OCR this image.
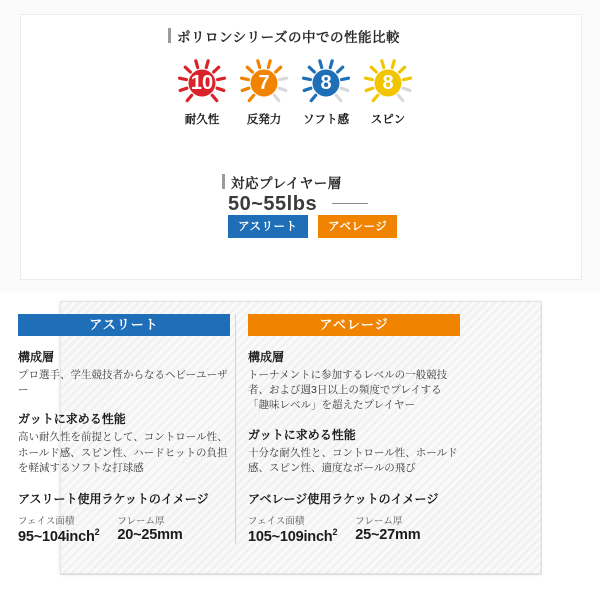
ポリロンシリーズの中での性能比較
10
耐久性
7
反発力
8
ソフト感
8
スピン
対応プレイヤー層
50~55lbs
アスリート	アベレージ
アスリート
構成層

プロ選手、学生競技者からなるヘビーユーザー

ガットに求める性能

高い耐久性を前提として、コントロール性、ホールド感、スピン性、ハードヒットの負担を軽減するソフトな打球感

アスリート使用ラケットのイメージ
フェイス面積
95~104inch$^2$
フレーム厚
20~25mm
アベレージ
構成層

トーナメントに参加するレベルの一般競技者、および週3日以上の頻度でプレイする「趣味レベル」を超えたプレイヤー

ガットに求める性能

十分な耐久性と、コントロール性、ホールド感、スピン性、適度なボールの飛び

アベレージ使用ラケットのイメージ
フェイス面積
105~109inch$^2$
フレーム厚
25~27mm
